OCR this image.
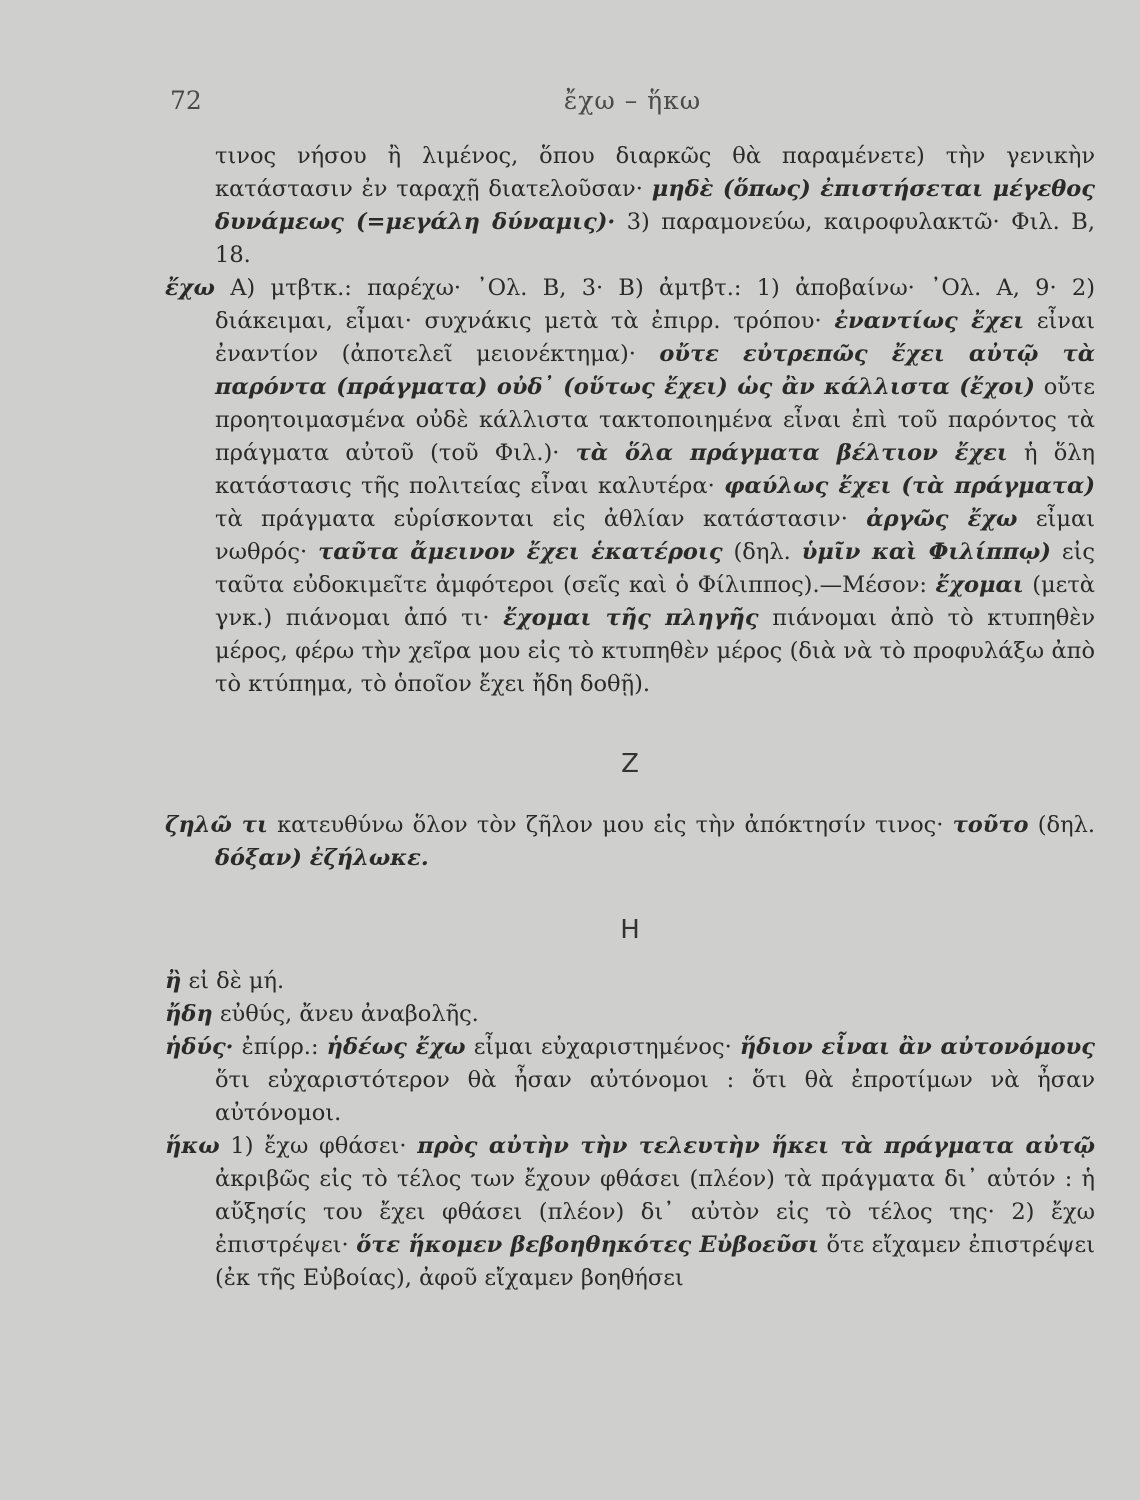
72	ἔχω – ἥκω

τινος νήσου ἢ λιμένος, ὅπου διαρκῶς θὰ παραμένετε) τὴν γενικὴν κατάστασιν ἐν ταραχῇ διατελοῦσαν· μηδὲ (ὅπως) ἐπιστήσεται μέγεθος δυνάμεως (=μεγάλη δύναμις)· 3) παραμονεύω, καιροφυλακτῶ· Φιλ. Β, 18.

ἔχω Α) μτβτκ.: παρέχω· ᾿Ολ. Β, 3· Β) ἀμτβτ.: 1) ἀποβαίνω· ᾿Ολ. Α, 9· 2) διάκειμαι, εἶμαι· συχνάκις μετὰ τὰ ἐπιρρ. τρόπου· ἐναντίως ἔχει εἶναι ἐναντίον (ἀποτελεῖ μειονέκτημα)· οὔτε εὐτρεπῶς ἔχει αὐτῷ τὰ παρόντα (πράγματα) οὐδ᾿ (οὕτως ἔχει) ὡς ἂν κάλλιστα (ἔχοι) οὔτε προητοιμασμένα οὐδὲ κάλλιστα τακτοποιημένα εἶναι ἐπὶ τοῦ παρόντος τὰ πράγματα αὐτοῦ (τοῦ Φιλ.)· τὰ ὅλα πράγματα βέλτιον ἔχει ἡ ὅλη κατάστασις τῆς πολιτείας εἶναι καλυτέρα· φαύλως ἔχει (τὰ πράγματα) τὰ πράγματα εὑρίσκονται εἰς ἀθλίαν κατάστασιν· ἀργῶς ἔχω εἶμαι νωθρός· ταῦτα ἄμεινον ἔχει ἑκατέροις (δηλ. ὑμῖν καὶ Φιλίππῳ) εἰς ταῦτα εὐδοκιμεῖτε ἀμφότεροι (σεῖς καὶ ὁ Φίλιππος).—Μέσον: ἔχομαι (μετὰ γνκ.) πιάνομαι ἀπό τι· ἔχομαι τῆς πληγῆς πιάνομαι ἀπὸ τὸ κτυπηθὲν μέρος, φέρω τὴν χεῖρα μου εἰς τὸ κτυπηθὲν μέρος (διὰ νὰ τὸ προφυλάξω ἀπὸ τὸ κτύπημα, τὸ ὁποῖον ἔχει ἤδη δοθῇ).

Z

ζηλῶ τι κατευθύνω ὅλον τὸν ζῆλον μου εἰς τὴν ἀπόκτησίν τινος· τοῦτο (δηλ. δόξαν) ἐζήλωκε.

H

ἢ εἰ δὲ μή.

ἤδη εὐθύς, ἄνευ ἀναβολῆς.

ἡδύς· ἐπίρρ.: ἡδέως ἔχω εἶμαι εὐχαριστημένος· ἥδιον εἶναι ἂν αὐτονόμους ὅτι εὐχαριστότερον θὰ ἦσαν αὐτόνομοι : ὅτι θὰ ἐπροτίμων νὰ ἦσαν αὐτόνομοι.

ἥκω 1) ἔχω φθάσει· πρὸς αὐτὴν τὴν τελευτὴν ἥκει τὰ πράγματα αὐτῷ ἀκριβῶς εἰς τὸ τέλος των ἔχουν φθάσει (πλέον) τὰ πράγματα δι᾿ αὐτόν : ἡ αὔξησίς του ἔχει φθάσει (πλέον) δι᾿ αὐτὸν εἰς τὸ τέλος της· 2) ἔχω ἐπιστρέψει· ὅτε ἥκομεν βεβοηθηκότες Εὐβοεῦσι ὅτε εἴχαμεν ἐπιστρέψει (ἐκ τῆς Εὐβοίας), ἀφοῦ εἴχαμεν βοηθήσει
